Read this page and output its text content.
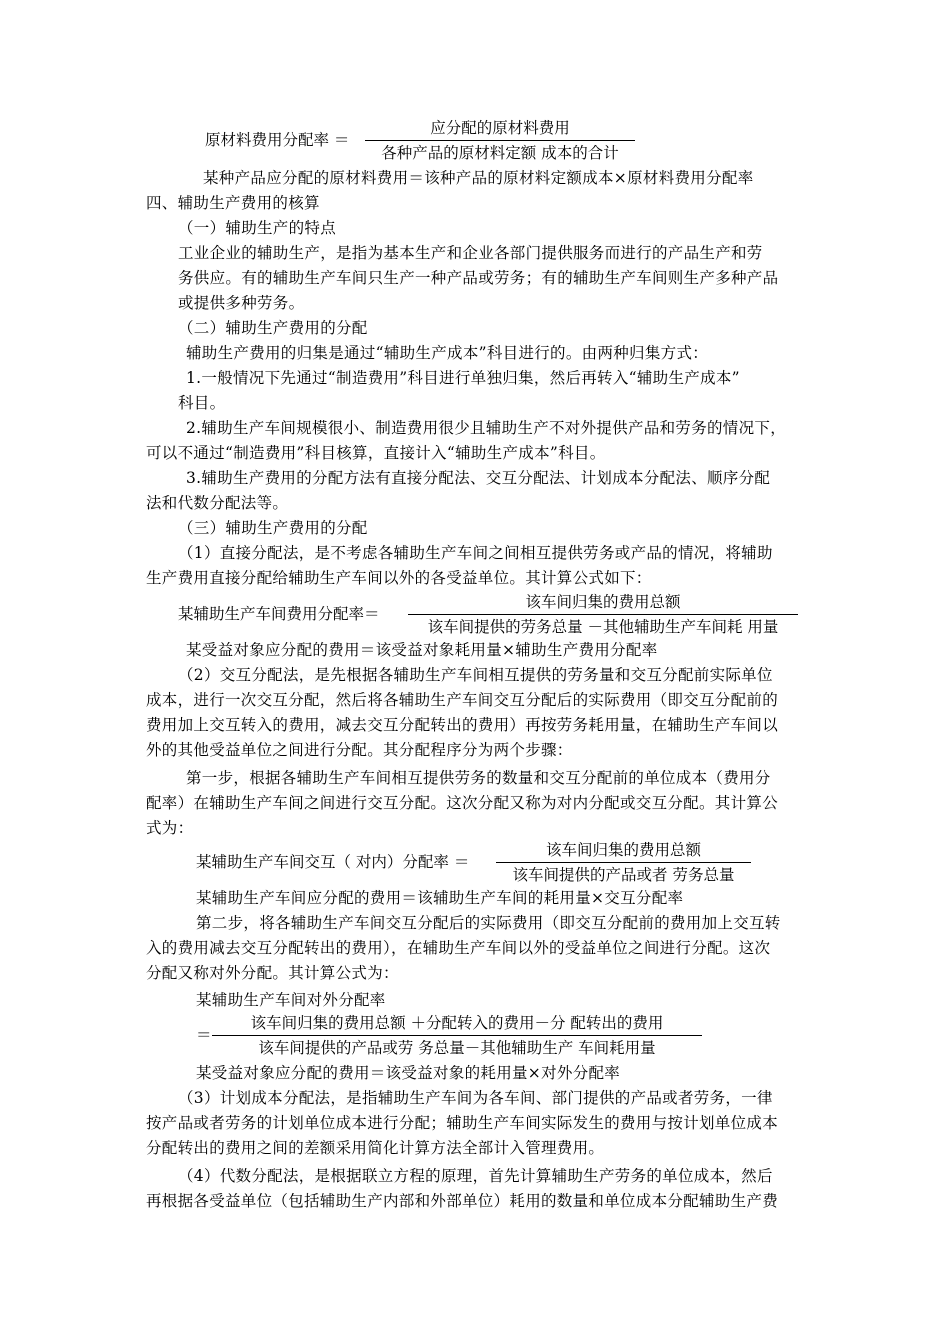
原材料费用分配率 ＝
应分配的原材料费用
各种产品的原材料定额 成本的合计
某种产品应分配的原材料费用＝该种产品的原材料定额成本×原材料费用分配率
四、辅助生产费用的核算
（一）辅助生产的特点
工业企业的辅助生产，是指为基本生产和企业各部门提供服务而进行的产品生产和劳
务供应。有的辅助生产车间只生产一种产品或劳务；有的辅助生产车间则生产多种产品
或提供多种劳务。
（二）辅助生产费用的分配
辅助生产费用的归集是通过“辅助生产成本”科目进行的。由两种归集方式：
1.一般情况下先通过“制造费用”科目进行单独归集，然后再转入“辅助生产成本”
科目。
2.辅助生产车间规模很小、制造费用很少且辅助生产不对外提供产品和劳务的情况下，
可以不通过“制造费用”科目核算，直接计入“辅助生产成本”科目。
3.辅助生产费用的分配方法有直接分配法、交互分配法、计划成本分配法、顺序分配
法和代数分配法等。
（三）辅助生产费用的分配
（1）直接分配法，是不考虑各辅助生产车间之间相互提供劳务或产品的情况，将辅助
生产费用直接分配给辅助生产车间以外的各受益单位。其计算公式如下：
某辅助生产车间费用分配率＝
该车间归集的费用总额
该车间提供的劳务总量 －其他辅助生产车间耗 用量
某受益对象应分配的费用＝该受益对象耗用量×辅助生产费用分配率
（2）交互分配法，是先根据各辅助生产车间相互提供的劳务量和交互分配前实际单位
成本，进行一次交互分配，然后将各辅助生产车间交互分配后的实际费用（即交互分配前的
费用加上交互转入的费用，减去交互分配转出的费用）再按劳务耗用量，在辅助生产车间以
外的其他受益单位之间进行分配。其分配程序分为两个步骤：
第一步，根据各辅助生产车间相互提供劳务的数量和交互分配前的单位成本（费用分
配率）在辅助生产车间之间进行交互分配。这次分配又称为对内分配或交互分配。其计算公
式为：
某辅助生产车间交互（ 对内）分配率 ＝
该车间归集的费用总额
该车间提供的产品或者 劳务总量
某辅助生产车间应分配的费用＝该辅助生产车间的耗用量×交互分配率
第二步，将各辅助生产车间交互分配后的实际费用（即交互分配前的费用加上交互转
入的费用减去交互分配转出的费用），在辅助生产车间以外的受益单位之间进行分配。这次
分配又称对外分配。其计算公式为：
某辅助生产车间对外分配率
＝
该车间归集的费用总额 ＋分配转入的费用－分 配转出的费用
该车间提供的产品或劳 务总量－其他辅助生产 车间耗用量
某受益对象应分配的费用＝该受益对象的耗用量×对外分配率
（3）计划成本分配法，是指辅助生产车间为各车间、部门提供的产品或者劳务，一律
按产品或者劳务的计划单位成本进行分配；辅助生产车间实际发生的费用与按计划单位成本
分配转出的费用之间的差额采用简化计算方法全部计入管理费用。
（4）代数分配法，是根据联立方程的原理，首先计算辅助生产劳务的单位成本，然后
再根据各受益单位（包括辅助生产内部和外部单位）耗用的数量和单位成本分配辅助生产费
